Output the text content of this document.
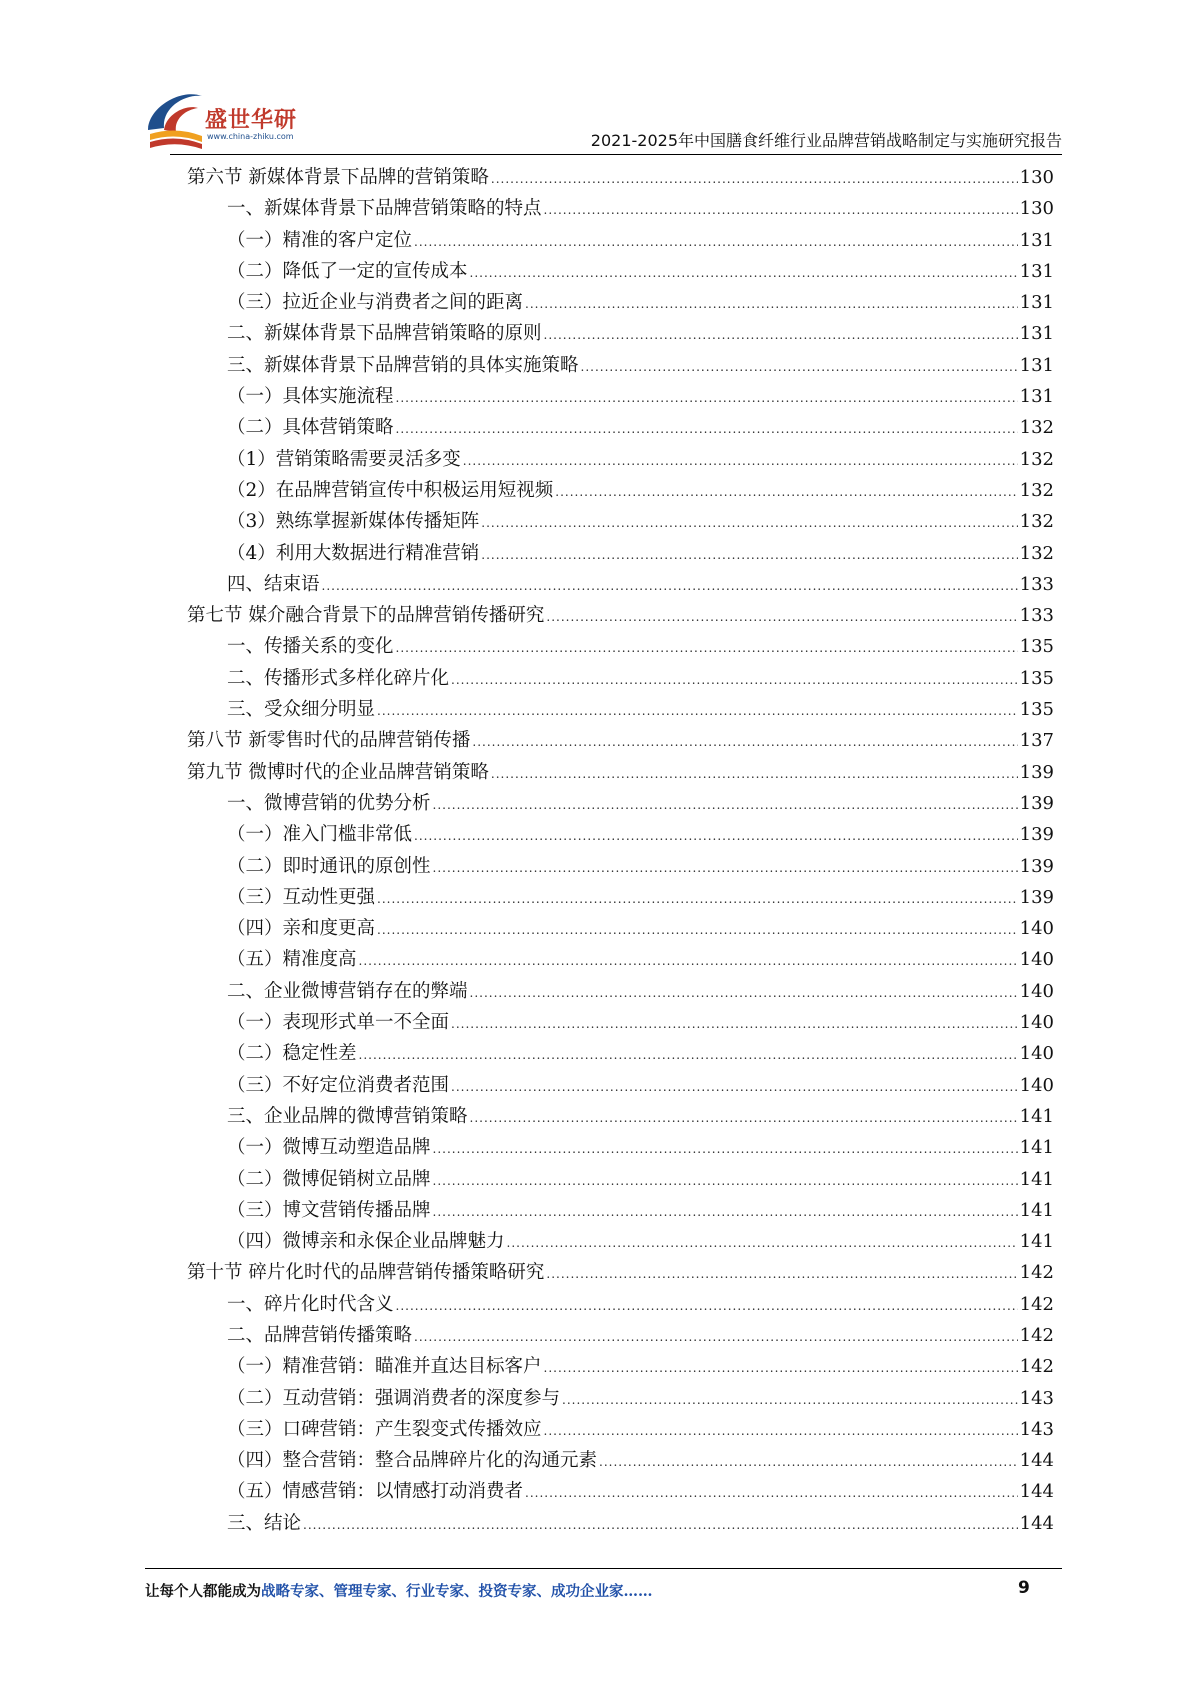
盛世华研
www.china-zhiku.com	2021-2025年中国膳食纤维行业品牌营销战略制定与实施研究报告
第六节 新媒体背景下品牌的营销策略 .....	130
一、新媒体背景下品牌营销策略的特点 .....	130
（一）精准的客户定位 .....	131
（二）降低了一定的宣传成本 .....	131
（三）拉近企业与消费者之间的距离 .....	131
二、新媒体背景下品牌营销策略的原则 .....	131
三、新媒体背景下品牌营销的具体实施策略 .....	131
（一）具体实施流程 .....	131
（二）具体营销策略 .....	132
（1）营销策略需要灵活多变 .....	132
（2）在品牌营销宣传中积极运用短视频 .....	132
（3）熟练掌握新媒体传播矩阵 .....	132
（4）利用大数据进行精准营销 .....	132
四、结束语 .....	133
第七节 媒介融合背景下的品牌营销传播研究 .....	133
一、传播关系的变化 .....	135
二、传播形式多样化碎片化 .....	135
三、受众细分明显 .....	135
第八节 新零售时代的品牌营销传播 .....	137
第九节 微博时代的企业品牌营销策略 .....	139
一、微博营销的优势分析 .....	139
（一）准入门槛非常低 .....	139
（二）即时通讯的原创性 .....	139
（三）互动性更强 .....	139
（四）亲和度更高 .....	140
（五）精准度高 .....	140
二、企业微博营销存在的弊端 .....	140
（一）表现形式单一不全面 .....	140
（二）稳定性差 .....	140
（三）不好定位消费者范围 .....	140
三、企业品牌的微博营销策略 .....	141
（一）微博互动塑造品牌 .....	141
（二）微博促销树立品牌 .....	141
（三）博文营销传播品牌 .....	141
（四）微博亲和永保企业品牌魅力 .....	141
第十节 碎片化时代的品牌营销传播策略研究 .....	142
一、碎片化时代含义 .....	142
二、品牌营销传播策略 .....	142
（一）精准营销：瞄准并直达目标客户 .....	142
（二）互动营销：强调消费者的深度参与 .....	143
（三）口碑营销：产生裂变式传播效应 .....	143
（四）整合营销：整合品牌碎片化的沟通元素 .....	144
（五）情感营销：以情感打动消费者 .....	144
三、结论 .....	144
让每个人都能成为战略专家、管理专家、行业专家、投资专家、成功企业家……	9
